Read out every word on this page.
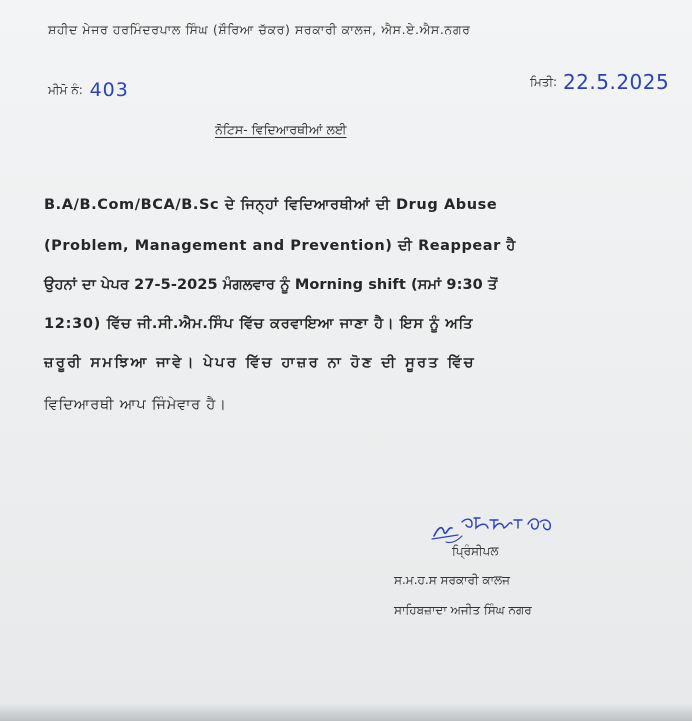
ਸ਼ਹੀਦ ਮੇਜਰ ਹਰਮਿੰਦਰਪਾਲ ਸਿੰਘ (ਸ਼ੌਰਿਆ ਚੱਕਰ) ਸਰਕਾਰੀ ਕਾਲਜ, ਐਸ.ਏ.ਐਸ.ਨਗਰ
ਮੀਮੋ ਨੰ: 403	ਮਿਤੀ: 22.5.2025
ਨੋਟਿਸ- ਵਿਦਿਆਰਥੀਆਂ ਲਈ
B.A/B.Com/BCA/B.Sc ਦੇ ਜਿਨ੍ਹਾਂ ਵਿਦਿਆਰਥੀਆਂ ਦੀ Drug Abuse
(Problem, Management and Prevention) ਦੀ Reappear ਹੈ
ਉਹਨਾਂ ਦਾ ਪੇਪਰ 27-5-2025 ਮੰਗਲਵਾਰ ਨੂੰ Morning shift (ਸਮਾਂ 9:30 ਤੋਂ
12:30) ਵਿੱਚ ਜੀ.ਸੀ.ਐਮ.ਸਿੰਪ ਵਿੱਚ ਕਰਵਾਇਆ ਜਾਣਾ ਹੈ। ਇਸ ਨੂੰ ਅਤਿ
ਜ਼ਰੂਰੀ ਸਮਝਿਆ ਜਾਵੇ। ਪੇਪਰ ਵਿੱਚ ਹਾਜ਼ਰ ਨਾ ਹੋਣ ਦੀ ਸੂਰਤ ਵਿੱਚ
ਵਿਦਿਆਰਥੀ ਆਪ ਜਿੰਮੇਵਾਰ ਹੈ।
ਪ੍ਰਿੰਸੀਪਲ
ਸ.ਮ.ਹ.ਸ ਸਰਕਾਰੀ ਕਾਲਜ
ਸਾਹਿਬਜ਼ਾਦਾ ਅਜੀਤ ਸਿੰਘ ਨਗਰ
